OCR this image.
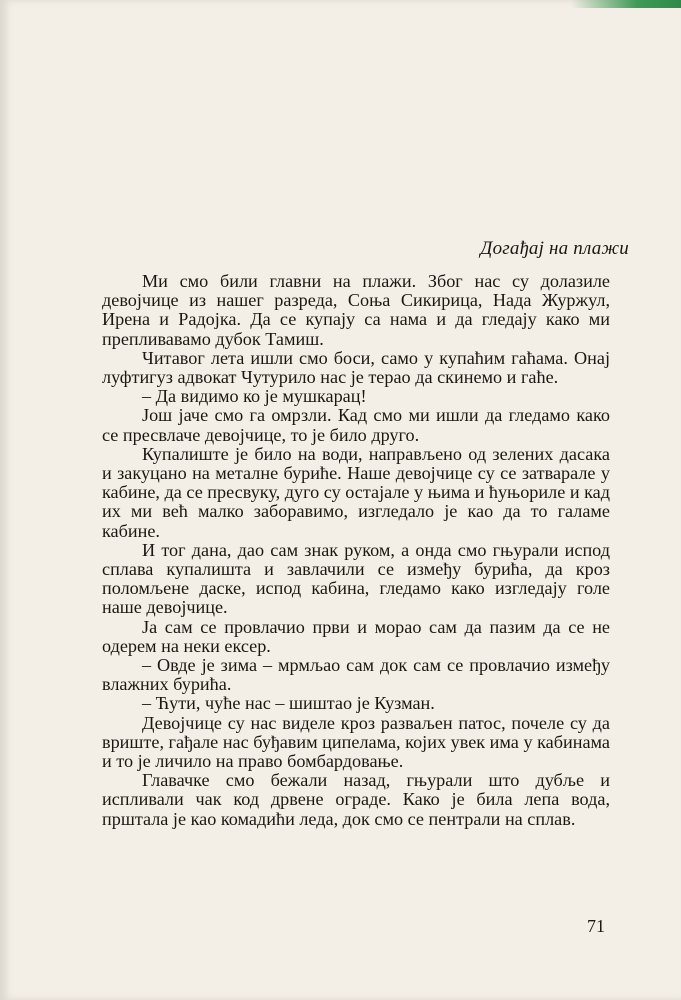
Догађај на плажи

Ми смо били главни на плажи. Због нас су долазиле девојчице из нашег разреда, Соња Сикирица, Нада Журжул, Ирена и Радојка. Да се купају са нама и да гледају како ми препливавамо дубок Тамиш.

Читавог лета ишли смо боси, само у купаћим гаћама. Онај луфтигуз адвокат Чутурило нас је терао да скинемо и гаће.

– Да видимо ко је мушкарац!

Још јаче смо га омрзли. Кад смо ми ишли да гледамо како се пресвлаче девојчице, то је било друго.

Купалиште је било на води, направљено од зелених дасака и закуцано на металне буриће. Наше девојчице су се затварале у кабине, да се пресвуку, дуго су остајале у њима и ћуњориле и кад их ми већ малко заборавимо, изгледало је као да то галаме кабине.

И тог дана, дао сам знак руком, а онда смо гњурали испод сплава купалишта и завлачили се између бурића, да кроз поломљене даске, испод кабина, гледамо како изгледају голе наше девојчице.

Ја сам се провлачио први и морао сам да пазим да се не одерем на неки ексер.

– Овде је зима – мрмљао сам док сам се провлачио између влажних бурића.

– Ћути, чуће нас – шиштао је Кузман.

Девојчице су нас виделе кроз разваљен патос, почеле су да вриште, гађале нас буђавим ципелама, којих увек има у кабинама и то је личило на право бомбардовање.

Главачке смо бежали назад, гњурали што дубље и испливали чак код дрвене ограде. Како је била лепа вода, прштала је као комадићи леда, док смо се пентрали на сплав.

71
